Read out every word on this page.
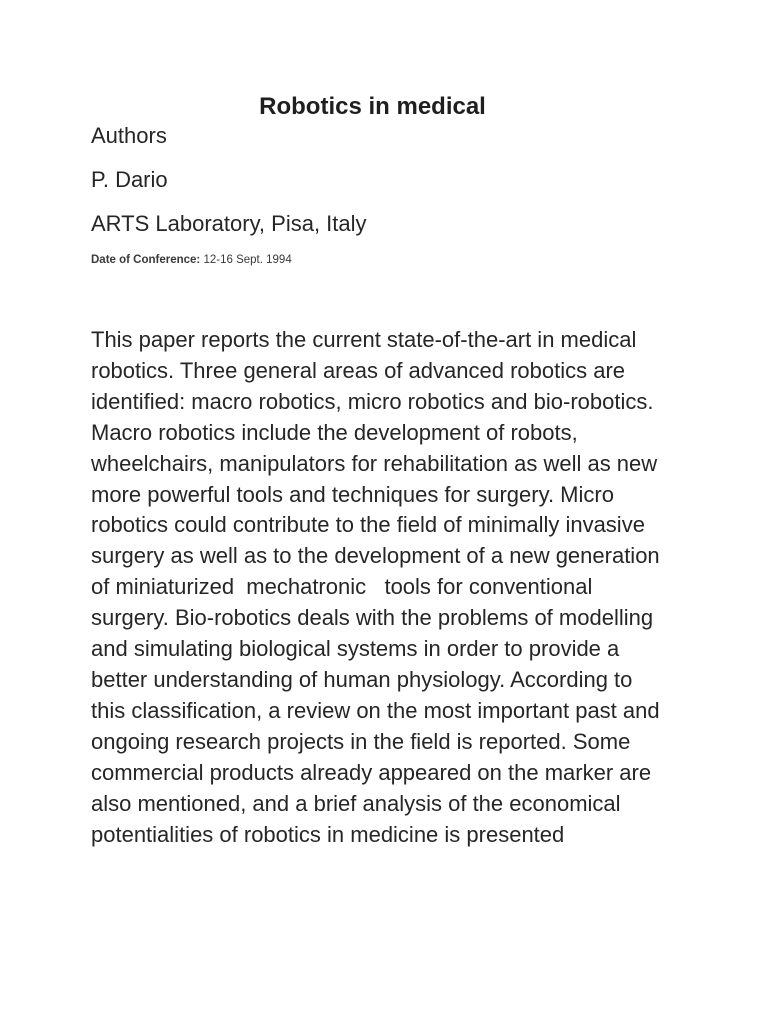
Robotics in medical
Authors
P. Dario
ARTS Laboratory, Pisa, Italy
Date of Conference: 12-16 Sept. 1994

This paper reports the current state-of-the-art in medical
robotics. Three general areas of advanced robotics are
identified: macro robotics, micro robotics and bio-robotics.
Macro robotics include the development of robots,
wheelchairs, manipulators for rehabilitation as well as new
more powerful tools and techniques for surgery. Micro
robotics could contribute to the field of minimally invasive
surgery as well as to the development of a new generation
of miniaturized  mechatronic   tools for conventional
surgery. Bio-robotics deals with the problems of modelling
and simulating biological systems in order to provide a
better understanding of human physiology. According to
this classification, a review on the most important past and
ongoing research projects in the field is reported. Some
commercial products already appeared on the marker are
also mentioned, and a brief analysis of the economical
potentialities of robotics in medicine is presented
